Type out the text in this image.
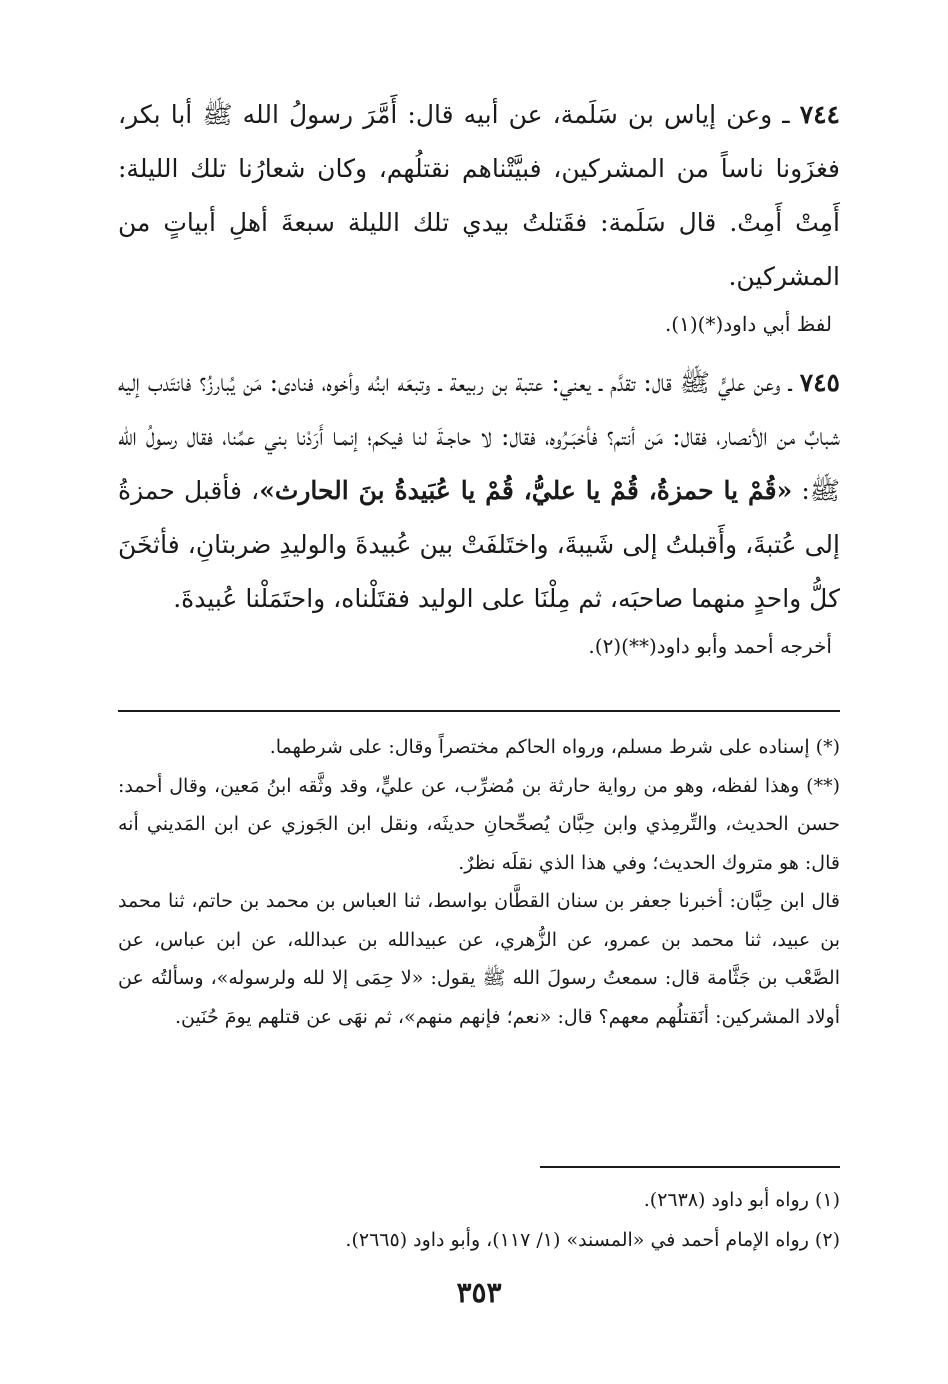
٧٤٤ ـ وعن إياس بن سَلَمة، عن أبيه قال: أَمَّرَ رسولُ الله ﷺ أبا بكر، فغزَونا ناساً من المشركين، فبيَّتْناهم نقتلُهم، وكان شعارُنا تلك الليلة: أَمِتْ أَمِتْ. قال سَلَمة: فقَتلتُ بيدي تلك الليلة سبعةَ أهلِ أبياتٍ من المشركين.

لفظ أبي داود(*)(١).

٧٤٥ ـ وعن عليٍّ ﷺ قال: تقدَّم ـ يعني: عتبة بن ربيعة ـ وتبعَه ابنُه وأخوه، فنادى: مَن يُبارزُ؟ فانتَدب إليه شبابٌ من الأنصار، فقال: مَن أنتم؟ فأخبَـرُوه، فقال: لا حاجـةَ لنا فيكم؛ إنمـا أَرَدْنا بني عمِّنا، فقال رسولُ الله ﷺ: «قُمْ يا حمزةُ، قُمْ يا عليُّ، قُمْ يا عُبَيدةُ بنَ الحارث»، فأقبل حمزةُ إلى عُتبةَ، وأَقبلتُ إلى شَيبةَ، واختَلفَتْ بين عُبيدةَ والوليدِ ضربتانِ، فأثخَنَ كلُّ واحدٍ منهما صاحبَه، ثم مِلْنَا على الوليد فقتَلْناه، واحتَمَلْنا عُبيدةَ.

أخرجه أحمد وأبو داود(**)(٢).

(*) إسناده على شرط مسلم، ورواه الحاكم مختصراً وقال: على شرطهما.

(**) وهذا لفظه، وهو من رواية حارثة بن مُضرِّب، عن عليٍّ، وقد وثَّقه ابنُ مَعين، وقال أحمد: حسن الحديث، والتِّرمِذي وابن حِبَّان يُصحِّحانِ حديثَه، ونقل ابن الجَوزي عن ابن المَديني أنه قال: هو متروك الحديث؛ وفي هذا الذي نقلَه نظرٌ.

قال ابن حِبَّان: أخبرنا جعفر بن سنان القطَّان بواسط، ثنا العباس بن محمد بن حاتم، ثنا محمد بن عبيد، ثنا محمد بن عمرو، عن الزُّهري، عن عبيدالله بن عبدالله، عن ابن عباس، عن الصَّعْب بن جَثَّامة قال: سمعتُ رسولَ الله ﷺ يقول: «لا حِمَى إلا لله ولرسوله»، وسألتُه عن أولاد المشركين: أنَقتلُهم معهم؟ قال: «نعم؛ فإنهم منهم»، ثم نهَى عن قتلهم يومَ حُنَين.

(١) رواه أبو داود (٢٦٣٨).

(٢) رواه الإمام أحمد في «المسند» (١/ ١١٧)، وأبو داود (٢٦٦٥).

٣٥٣
